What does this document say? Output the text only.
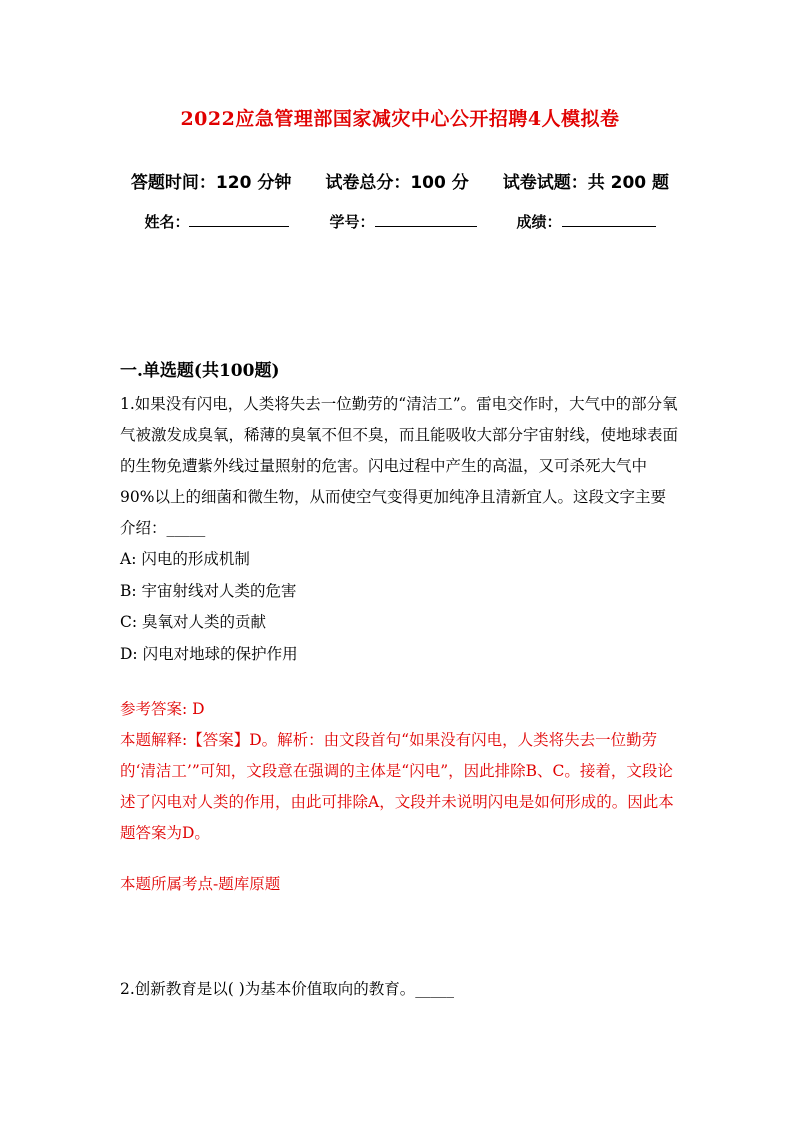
2022应急管理部国家减灾中心公开招聘4人模拟卷
答题时间：120 分钟 试卷总分：100 分 试卷试题：共 200 题
姓名：	学号：	成绩：
一.单选题(共100题)

1.如果没有闪电，人类将失去一位勤劳的“清洁工”。雷电交作时，大气中的部分氧气被激发成臭氧，稀薄的臭氧不但不臭，而且能吸收大部分宇宙射线，使地球表面的生物免遭紫外线过量照射的危害。闪电过程中产生的高温，又可杀死大气中90%以上的细菌和微生物，从而使空气变得更加纯净且清新宜人。这段文字主要介绍：_____

A: 闪电的形成机制

B: 宇宙射线对人类的危害

C: 臭氧对人类的贡献

D: 闪电对地球的保护作用

参考答案: D

本题解释:【答案】D。解析：由文段首句“如果没有闪电，人类将失去一位勤劳的‘清洁工’”可知，文段意在强调的主体是“闪电”，因此排除B、C。接着，文段论述了闪电对人类的作用，由此可排除A，文段并未说明闪电是如何形成的。因此本题答案为D。

本题所属考点-题库原题

2.创新教育是以( )为基本价值取向的教育。_____
